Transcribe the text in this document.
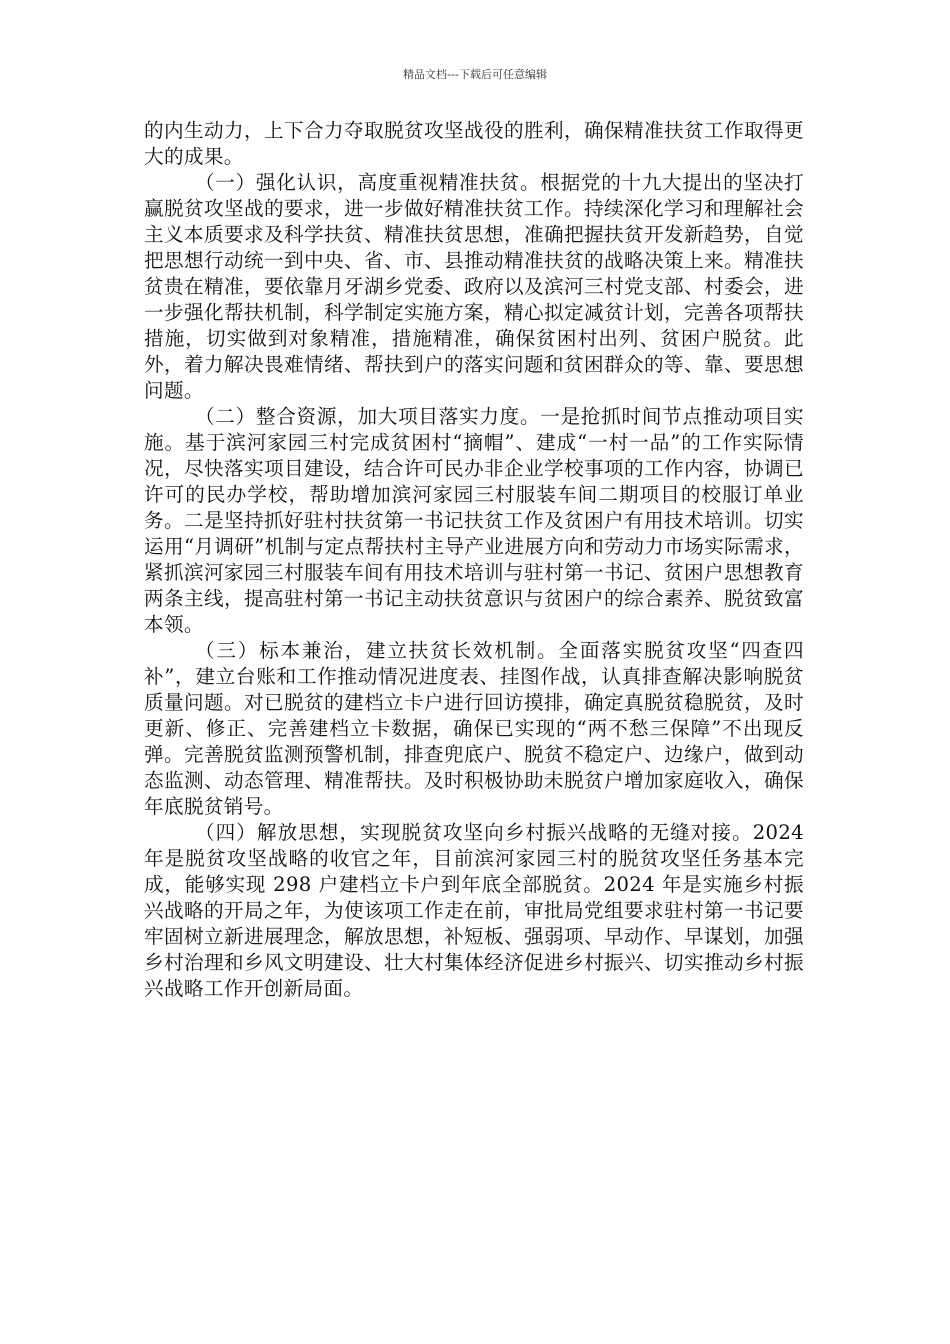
精品文档---下载后可任意编辑

的内生动力，上下合力夺取脱贫攻坚战役的胜利，确保精准扶贫工作取得更大的成果。

（一）强化认识，高度重视精准扶贫。根据党的十九大提出的坚决打赢脱贫攻坚战的要求，进一步做好精准扶贫工作。持续深化学习和理解社会主义本质要求及科学扶贫、精准扶贫思想，准确把握扶贫开发新趋势，自觉把思想行动统一到中央、省、市、县推动精准扶贫的战略决策上来。精准扶贫贵在精准，要依靠月牙湖乡党委、政府以及滨河三村党支部、村委会，进一步强化帮扶机制，科学制定实施方案，精心拟定减贫计划，完善各项帮扶措施，切实做到对象精准，措施精准，确保贫困村出列、贫困户脱贫。此外，着力解决畏难情绪、帮扶到户的落实问题和贫困群众的等、靠、要思想问题。

（二）整合资源，加大项目落实力度。一是抢抓时间节点推动项目实施。基于滨河家园三村完成贫困村“摘帽”、建成“一村一品”的工作实际情况，尽快落实项目建设，结合许可民办非企业学校事项的工作内容，协调已许可的民办学校，帮助增加滨河家园三村服装车间二期项目的校服订单业务。二是坚持抓好驻村扶贫第一书记扶贫工作及贫困户有用技术培训。切实运用“月调研”机制与定点帮扶村主导产业进展方向和劳动力市场实际需求，紧抓滨河家园三村服装车间有用技术培训与驻村第一书记、贫困户思想教育两条主线，提高驻村第一书记主动扶贫意识与贫困户的综合素养、脱贫致富本领。

（三）标本兼治，建立扶贫长效机制。全面落实脱贫攻坚“四查四补”，建立台账和工作推动情况进度表、挂图作战，认真排查解决影响脱贫质量问题。对已脱贫的建档立卡户进行回访摸排，确定真脱贫稳脱贫，及时更新、修正、完善建档立卡数据，确保已实现的“两不愁三保障”不出现反弹。完善脱贫监测预警机制，排查兜底户、脱贫不稳定户、边缘户，做到动态监测、动态管理、精准帮扶。及时积极协助未脱贫户增加家庭收入，确保年底脱贫销号。

（四）解放思想，实现脱贫攻坚向乡村振兴战略的无缝对接。2024 年是脱贫攻坚战略的收官之年，目前滨河家园三村的脱贫攻坚任务基本完成，能够实现 298 户建档立卡户到年底全部脱贫。2024 年是实施乡村振兴战略的开局之年，为使该项工作走在前，审批局党组要求驻村第一书记要牢固树立新进展理念，解放思想，补短板、强弱项、早动作、早谋划，加强乡村治理和乡风文明建设、壮大村集体经济促进乡村振兴、切实推动乡村振兴战略工作开创新局面。
